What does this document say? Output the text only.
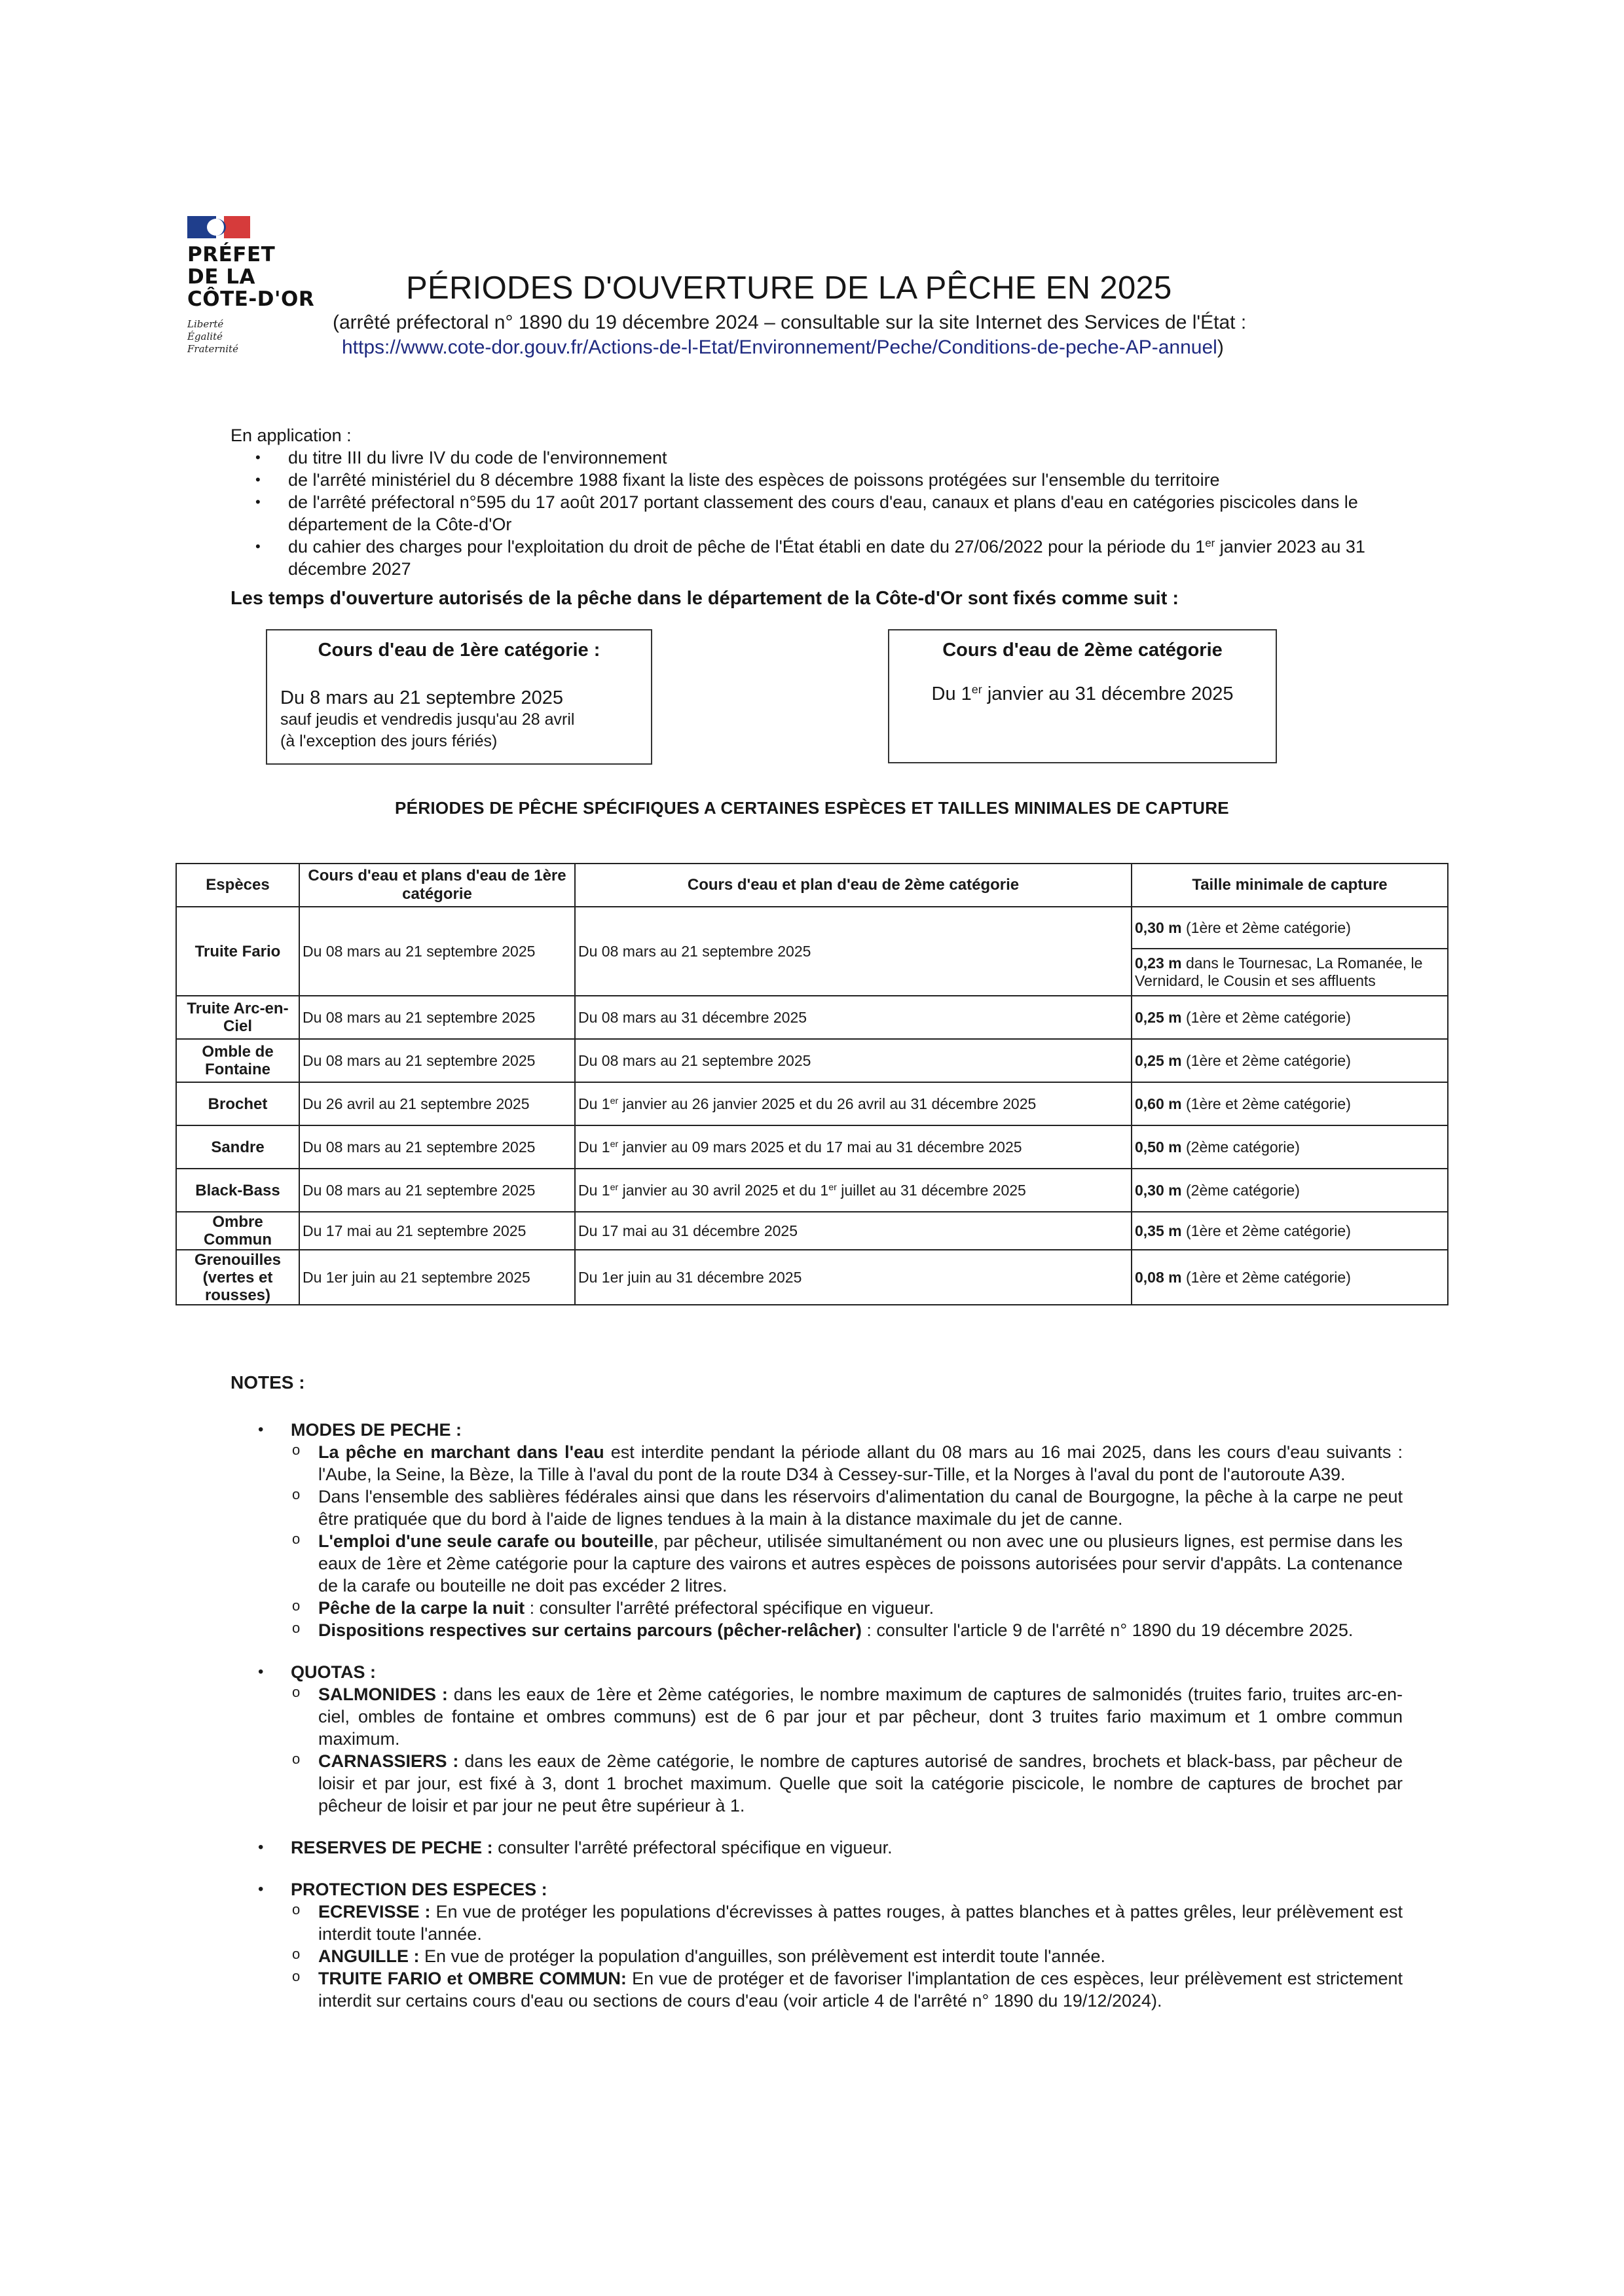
PRÉFET
DE LA
CÔTE-D'OR
Liberté
Égalité
Fraternité
PÉRIODES D'OUVERTURE DE LA PÊCHE EN 2025
(arrêté préfectoral n° 1890 du 19 décembre 2024 – consultable sur la site Internet des Services de l'État :
https://www.cote-dor.gouv.fr/Actions-de-l-Etat/Environnement/Peche/Conditions-de-peche-AP-annuel)
En application :
• du titre III du livre IV du code de l'environnement
• de l'arrêté ministériel du 8 décembre 1988 fixant la liste des espèces de poissons protégées sur l'ensemble du territoire
• de l'arrêté préfectoral n°595 du 17 août 2017 portant classement des cours d'eau, canaux et plans d'eau en catégories piscicoles dans le département de la Côte-d'Or
• du cahier des charges pour l'exploitation du droit de pêche de l'État établi en date du 27/06/2022 pour la période du 1er janvier 2023 au 31 décembre 2027
Les temps d'ouverture autorisés de la pêche dans le département de la Côte-d'Or sont fixés comme suit :
Cours d'eau de 1ère catégorie :
Du 8 mars au 21 septembre 2025
sauf jeudis et vendredis jusqu'au 28 avril
(à l'exception des jours fériés)
Cours d'eau de 2ème catégorie
Du 1er janvier au 31 décembre 2025
PÉRIODES DE PÊCHE SPÉCIFIQUES A CERTAINES ESPÈCES ET TAILLES MINIMALES DE CAPTURE
Espèces	Cours d'eau et plans d'eau de 1ère catégorie	Cours d'eau et plan d'eau de 2ème catégorie	Taille minimale de capture
Truite Fario	Du 08 mars au 21 septembre 2025	Du 08 mars au 21 septembre 2025	0,30 m (1ère et 2ème catégorie)
			0,23 m dans le Tournesac, La Romanée, le Vernidard, le Cousin et ses affluents
Truite Arc-en-Ciel	Du 08 mars au 21 septembre 2025	Du 08 mars au 31 décembre 2025	0,25 m (1ère et 2ème catégorie)
Omble de Fontaine	Du 08 mars au 21 septembre 2025	Du 08 mars au 21 septembre 2025	0,25 m (1ère et 2ème catégorie)
Brochet	Du 26 avril au 21 septembre 2025	Du 1er janvier au 26 janvier 2025 et du 26 avril au 31 décembre 2025	0,60 m (1ère et 2ème catégorie)
Sandre	Du 08 mars au 21 septembre 2025	Du 1er janvier au 09 mars 2025 et du 17 mai au 31 décembre 2025	0,50 m (2ème catégorie)
Black-Bass	Du 08 mars au 21 septembre 2025	Du 1er janvier au 30 avril 2025 et du 1er juillet au 31 décembre 2025	0,30 m (2ème catégorie)
Ombre Commun	Du 17 mai au 21 septembre 2025	Du 17 mai au 31 décembre 2025	0,35 m (1ère et 2ème catégorie)
Grenouilles (vertes et rousses)	Du 1er juin au 21 septembre 2025	Du 1er juin au 31 décembre 2025	0,08 m (1ère et 2ème catégorie)
NOTES :
• MODES DE PECHE :
o La pêche en marchant dans l'eau est interdite pendant la période allant du 08 mars au 16 mai 2025, dans les cours d'eau suivants : l'Aube, la Seine, la Bèze, la Tille à l'aval du pont de la route D34 à Cessey-sur-Tille, et la Norges à l'aval du pont de l'autoroute A39.
o Dans l'ensemble des sablières fédérales ainsi que dans les réservoirs d'alimentation du canal de Bourgogne, la pêche à la carpe ne peut être pratiquée que du bord à l'aide de lignes tendues à la main à la distance maximale du jet de canne.
o L'emploi d'une seule carafe ou bouteille, par pêcheur, utilisée simultanément ou non avec une ou plusieurs lignes, est permise dans les eaux de 1ère et 2ème catégorie pour la capture des vairons et autres espèces de poissons autorisées pour servir d'appâts. La contenance de la carafe ou bouteille ne doit pas excéder 2 litres.
o Pêche de la carpe la nuit : consulter l'arrêté préfectoral spécifique en vigueur.
o Dispositions respectives sur certains parcours (pêcher-relâcher) : consulter l'article 9 de l'arrêté n° 1890 du 19 décembre 2025.
• QUOTAS :
o SALMONIDES : dans les eaux de 1ère et 2ème catégories, le nombre maximum de captures de salmonidés (truites fario, truites arc-en-ciel, ombles de fontaine et ombres communs) est de 6 par jour et par pêcheur, dont 3 truites fario maximum et 1 ombre commun maximum.
o CARNASSIERS : dans les eaux de 2ème catégorie, le nombre de captures autorisé de sandres, brochets et black-bass, par pêcheur de loisir et par jour, est fixé à 3, dont 1 brochet maximum. Quelle que soit la catégorie piscicole, le nombre de captures de brochet par pêcheur de loisir et par jour ne peut être supérieur à 1.
• RESERVES DE PECHE : consulter l'arrêté préfectoral spécifique en vigueur.
• PROTECTION DES ESPECES :
o ECREVISSE : En vue de protéger les populations d'écrevisses à pattes rouges, à pattes blanches et à pattes grêles, leur prélèvement est interdit toute l'année.
o ANGUILLE : En vue de protéger la population d'anguilles, son prélèvement est interdit toute l'année.
o TRUITE FARIO et OMBRE COMMUN: En vue de protéger et de favoriser l'implantation de ces espèces, leur prélèvement est strictement interdit sur certains cours d'eau ou sections de cours d'eau (voir article 4 de l'arrêté n° 1890 du 19/12/2024).
